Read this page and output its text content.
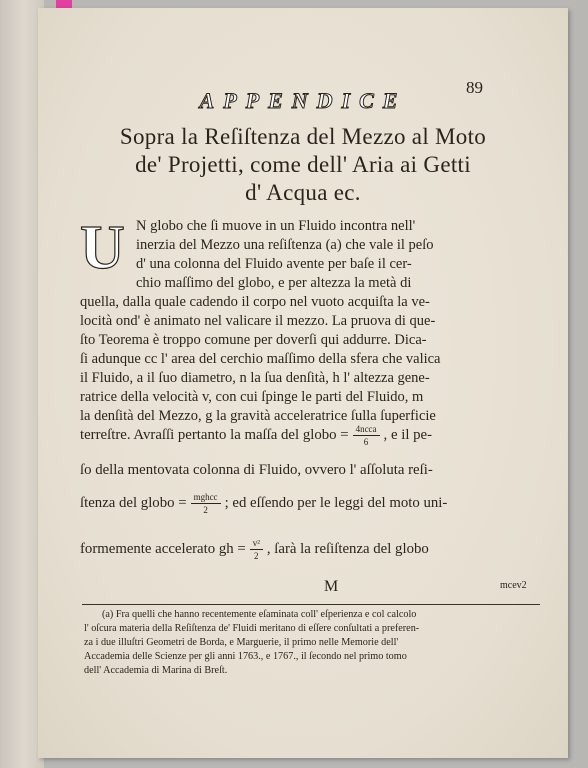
89
APPENDICE
Sopra la Reſiſtenza del Mezzo al Moto
de' Projetti, come dell' Aria ai Getti
d' Acqua ec.
U N globo che ſi muove in un Fluido incontra nell'
inerzia del Mezzo una reſiſtenza (a) che vale il peſo
d' una colonna del Fluido avente per baſe il cer-
chio maſſimo del globo, e per altezza la metà di
quella, dalla quale cadendo il corpo nel vuoto acquiſta la ve-
locità ond' è animato nel valicare il mezzo. La pruova di que-
ſto Teorema è troppo comune per doverſi qui addurre. Dica-
ſi adunque cc l' area del cerchio maſſimo della sfera che valica
il Fluido, a il ſuo diametro, n la ſua denſità, h l' altezza gene-
ratrice della velocità v, con cui ſpinge le parti del Fluido, m
la denſità del Mezzo, g la gravità acceleratrice ſulla ſuperficie
terreſtre. Avraſſi pertanto la maſſa del globo = $\frac{\text{4ncca}}{6}$ , e il pe-
ſo della mentovata colonna di Fluido, ovvero l' aſſoluta reſi-
ſtenza del globo = $\frac{\text{mghcc}}{2}$ ; ed eſſendo per le leggi del moto uni-
formemente accelerato gh = $\frac{\text{v²}}{2}$ , ſarà la reſiſtenza del globo
M	mcev2
(a) Fra quelli che hanno recentemente eſaminata coll' eſperienza e col calcolo
l' oſcura materia della Reſiſtenza de' Fluidi meritano di eſſere conſultati a preferen-
za i due illuſtri Geometri de Borda, e Marguerie, il primo nelle Memorie dell'
Accademia delle Scienze per gli anni 1763., e 1767., il ſecondo nel primo tomo
dell' Accademia di Marina di Breſt.
